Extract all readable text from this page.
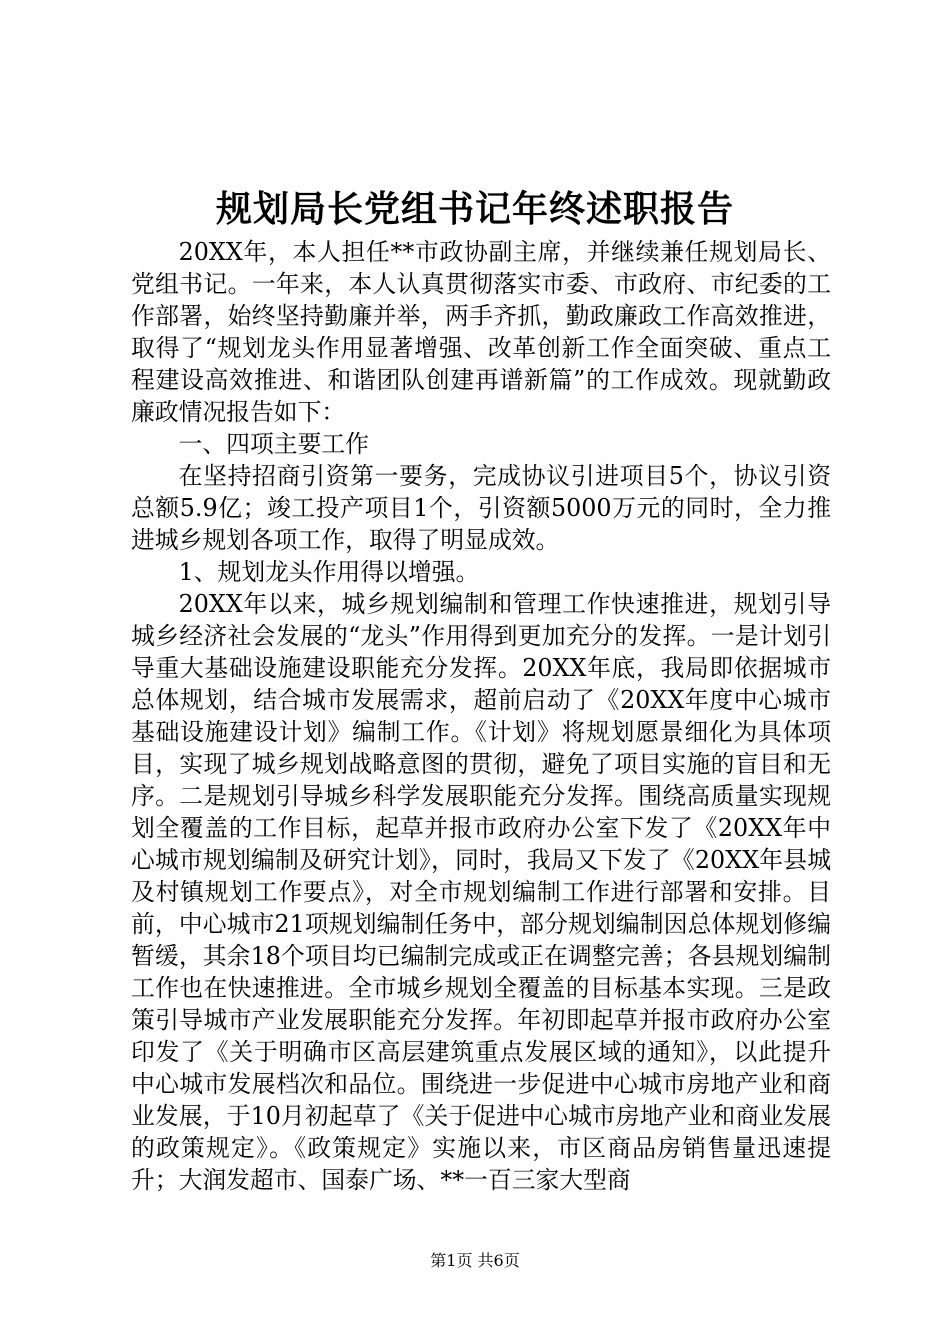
规划局长党组书记年终述职报告

20XX年，本人担任**市政协副主席，并继续兼任规划局长、党组书记。一年来，本人认真贯彻落实市委、市政府、市纪委的工作部署，始终坚持勤廉并举，两手齐抓，勤政廉政工作高效推进，取得了“规划龙头作用显著增强、改革创新工作全面突破、重点工程建设高效推进、和谐团队创建再谱新篇”的工作成效。现就勤政廉政情况报告如下：

一、四项主要工作

在坚持招商引资第一要务，完成协议引进项目5个，协议引资总额5.9亿；竣工投产项目1个，引资额5000万元的同时，全力推进城乡规划各项工作，取得了明显成效。

1、规划龙头作用得以增强。

20XX年以来，城乡规划编制和管理工作快速推进，规划引导城乡经济社会发展的“龙头”作用得到更加充分的发挥。一是计划引导重大基础设施建设职能充分发挥。20XX年底，我局即依据城市总体规划，结合城市发展需求，超前启动了《20XX年度中心城市基础设施建设计划》编制工作。《计划》将规划愿景细化为具体项目，实现了城乡规划战略意图的贯彻，避免了项目实施的盲目和无序。二是规划引导城乡科学发展职能充分发挥。围绕高质量实现规划全覆盖的工作目标，起草并报市政府办公室下发了《20XX年中心城市规划编制及研究计划》，同时，我局又下发了《20XX年县城及村镇规划工作要点》，对全市规划编制工作进行部署和安排。目前，中心城市21项规划编制任务中，部分规划编制因总体规划修编暂缓，其余18个项目均已编制完成或正在调整完善；各县规划编制工作也在快速推进。全市城乡规划全覆盖的目标基本实现。三是政策引导城市产业发展职能充分发挥。年初即起草并报市政府办公室印发了《关于明确市区高层建筑重点发展区域的通知》，以此提升中心城市发展档次和品位。围绕进一步促进中心城市房地产业和商业发展，于10月初起草了《关于促进中心城市房地产业和商业发展的政策规定》。《政策规定》实施以来，市区商品房销售量迅速提升；大润发超市、国泰广场、**一百三家大型商

第1页 共6页
